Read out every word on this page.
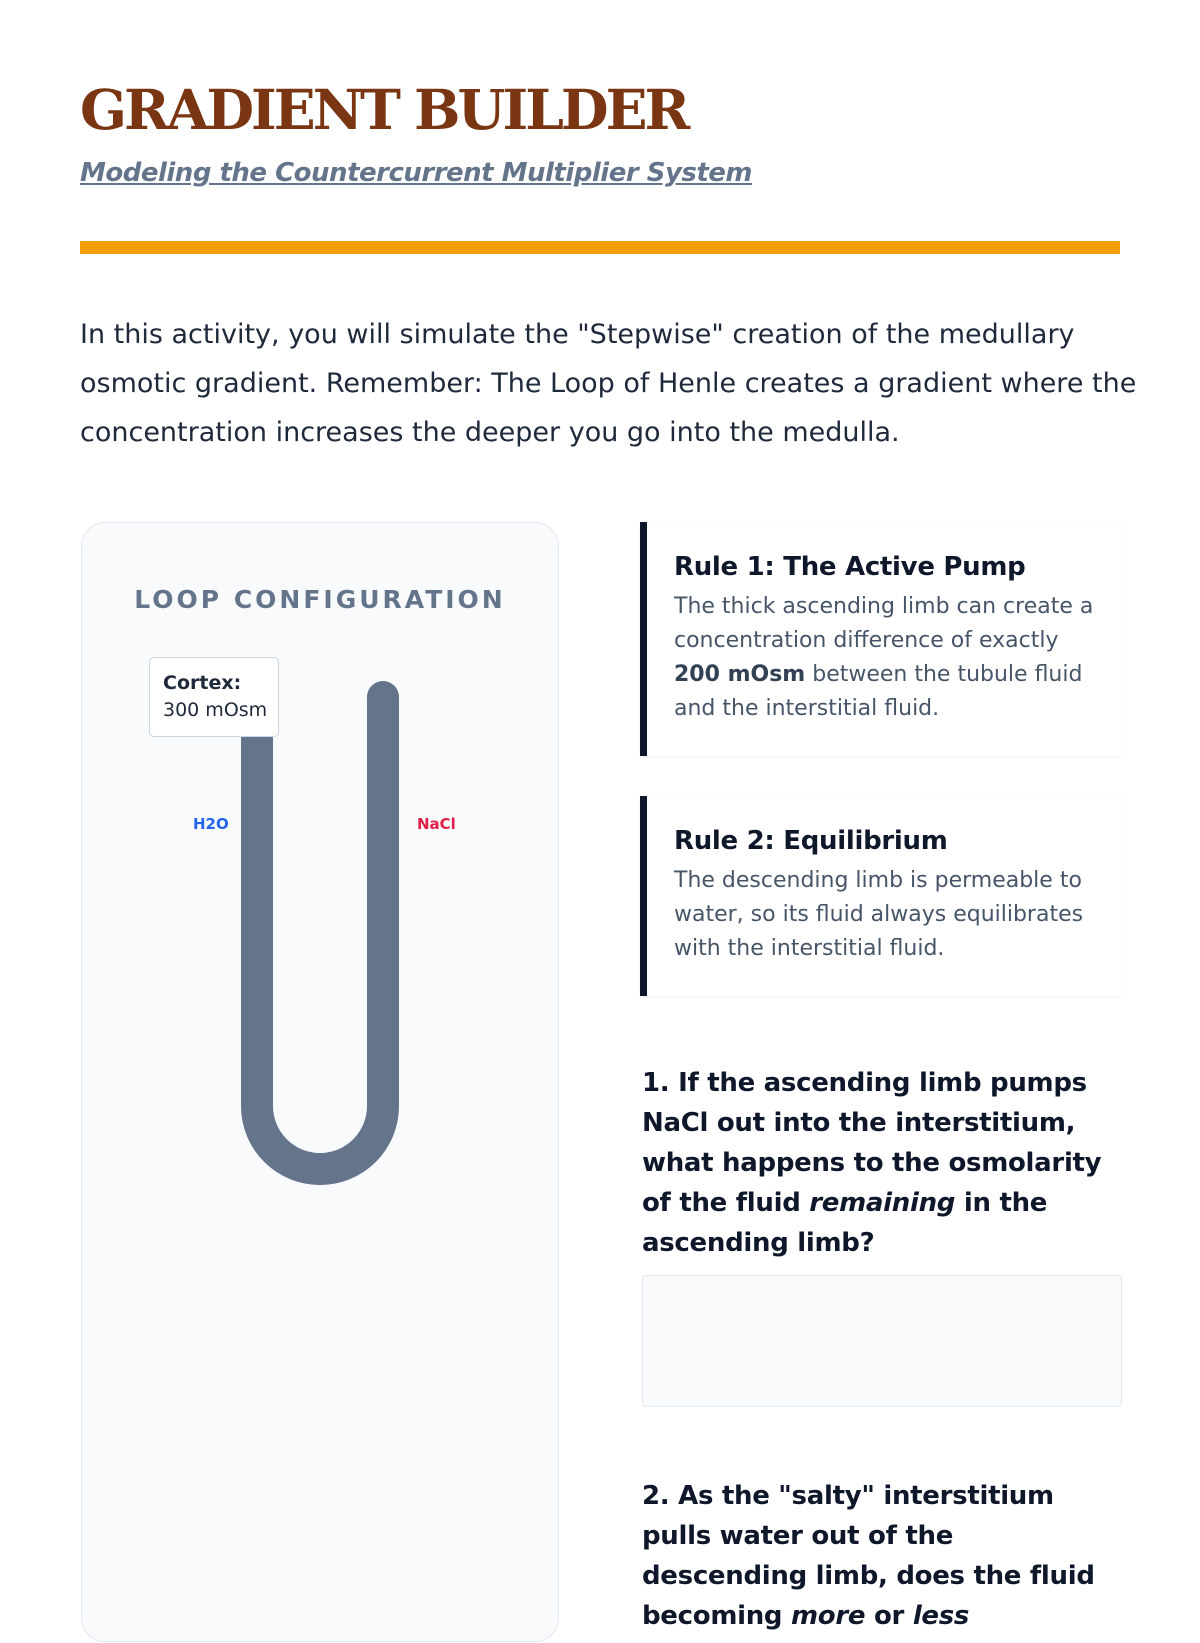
GRADIENT BUILDER
Modeling the Countercurrent Multiplier System

In this activity, you will simulate the "Stepwise" creation of the medullary osmotic gradient. Remember: The Loop of Henle creates a gradient where the concentration increases the deeper you go into the medulla.

LOOP CONFIGURATION
Cortex:
300 mOsm
H2O	NaCl
Rule 1: The Active Pump

The thick ascending limb can create a concentration difference of exactly 200 mOsm between the tubule fluid and the interstitial fluid.

Rule 2: Equilibrium

The descending limb is permeable to water, so its fluid always equilibrates with the interstitial fluid.

1. If the ascending limb pumps NaCl out into the interstitium, what happens to the osmolarity of the fluid remaining in the ascending limb?

2. As the "salty" interstitium pulls water out of the descending limb, does the fluid becoming more or less
